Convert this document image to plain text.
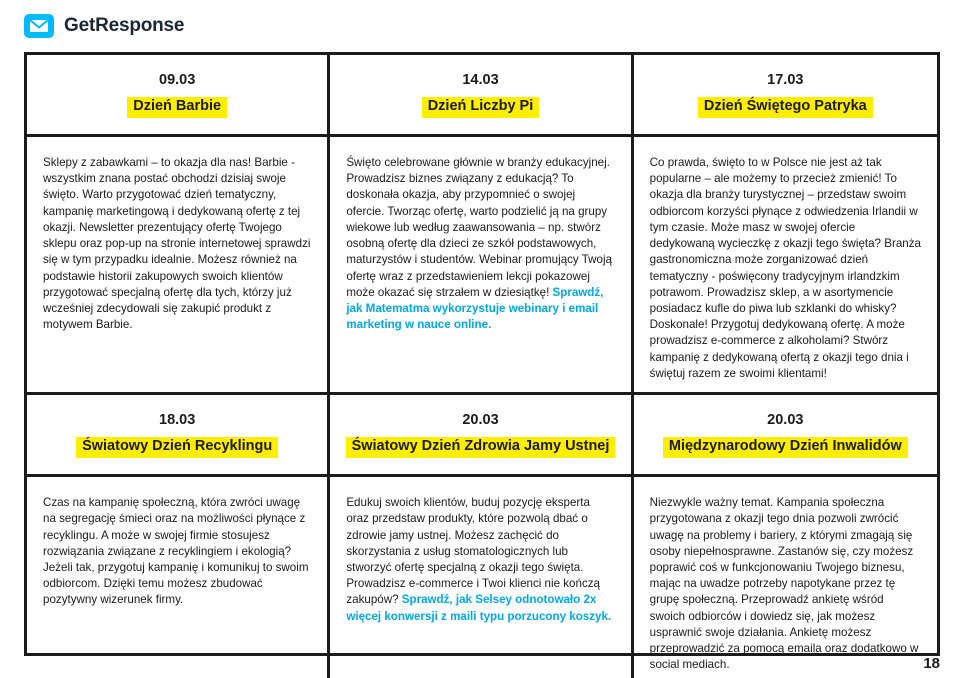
GetResponse
09.03
Dzień Barbie
14.03
Dzień Liczby Pi
17.03
Dzień Świętego Patryka
Sklepy z zabawkami – to okazja dla nas! Barbie - wszystkim znana postać obchodzi dzisiaj swoje święto. Warto przygotować dzień tematyczny, kampanię marketingową i dedykowaną ofertę z tej okazji. Newsletter prezentujący ofertę Twojego sklepu oraz pop-up na stronie internetowej sprawdzi się w tym przypadku idealnie. Możesz również na podstawie historii zakupowych swoich klientów przygotować specjalną ofertę dla tych, którzy już wcześniej zdecydowali się zakupić produkt z motywem Barbie.
Święto celebrowane głównie w branży edukacyjnej. Prowadzisz biznes związany z edukacją? To doskonała okazja, aby przypomnieć o swojej ofercie. Tworząc ofertę, warto podzielić ją na grupy wiekowe lub według zaawansowania – np. stwórz osobną ofertę dla dzieci ze szkół podstawowych, maturzystów i studentów. Webinar promujący Twoją ofertę wraz z przedstawieniem lekcji pokazowej może okazać się strzałem w dziesiątkę! Sprawdź, jak Matematma wykorzystuje webinary i email marketing w nauce online.
Co prawda, święto to w Polsce nie jest aż tak popularne – ale możemy to przecież zmienić! To okazja dla branży turystycznej – przedstaw swoim odbiorcom korzyści płynące z odwiedzenia Irlandii w tym czasie. Może masz w swojej ofercie dedykowaną wycieczkę z okazji tego święta? Branża gastronomiczna może zorganizować dzień tematyczny - poświęcony tradycyjnym irlandzkim potrawom. Prowadzisz sklep, a w asortymencie posiadacz kufle do piwa lub szklanki do whisky? Doskonale! Przygotuj dedykowaną ofertę. A może prowadzisz e-commerce z alkoholami? Stwórz kampanię z dedykowaną ofertą z okazji tego dnia i świętuj razem ze swoimi klientami!
18.03
Światowy Dzień Recyklingu
20.03
Światowy Dzień Zdrowia Jamy Ustnej
20.03
Międzynarodowy Dzień Inwalidów
Czas na kampanię społeczną, która zwróci uwagę na segregację śmieci oraz na możliwości płynące z recyklingu. A może w swojej firmie stosujesz rozwiązania związane z recyklingiem i ekologią? Jeżeli tak, przygotuj kampanię i komunikuj to swoim odbiorcom. Dzięki temu możesz zbudować pozytywny wizerunek firmy.
Edukuj swoich klientów, buduj pozycję eksperta oraz przedstaw produkty, które pozwolą dbać o zdrowie jamy ustnej. Możesz zachęcić do skorzystania z usług stomatologicznych lub stworzyć ofertę specjalną z okazji tego święta. Prowadzisz e-commerce i Twoi klienci nie kończą zakupów? Sprawdź, jak Selsey odnotowało 2x więcej konwersji z maili typu porzucony koszyk.
Niezwykle ważny temat. Kampania społeczna przygotowana z okazji tego dnia pozwoli zwrócić uwagę na problemy i bariery, z którymi zmagają się osoby niepełnosprawne. Zastanów się, czy możesz poprawić coś w funkcjonowaniu Twojego biznesu, mając na uwadze potrzeby napotykane przez tę grupę społeczną. Przeprowadź ankietę wśród swoich odbiorców i dowiedz się, jak możesz usprawnić swoje działania. Ankietę możesz przeprowadzić za pomocą emaila oraz dodatkowo w social mediach.	18
